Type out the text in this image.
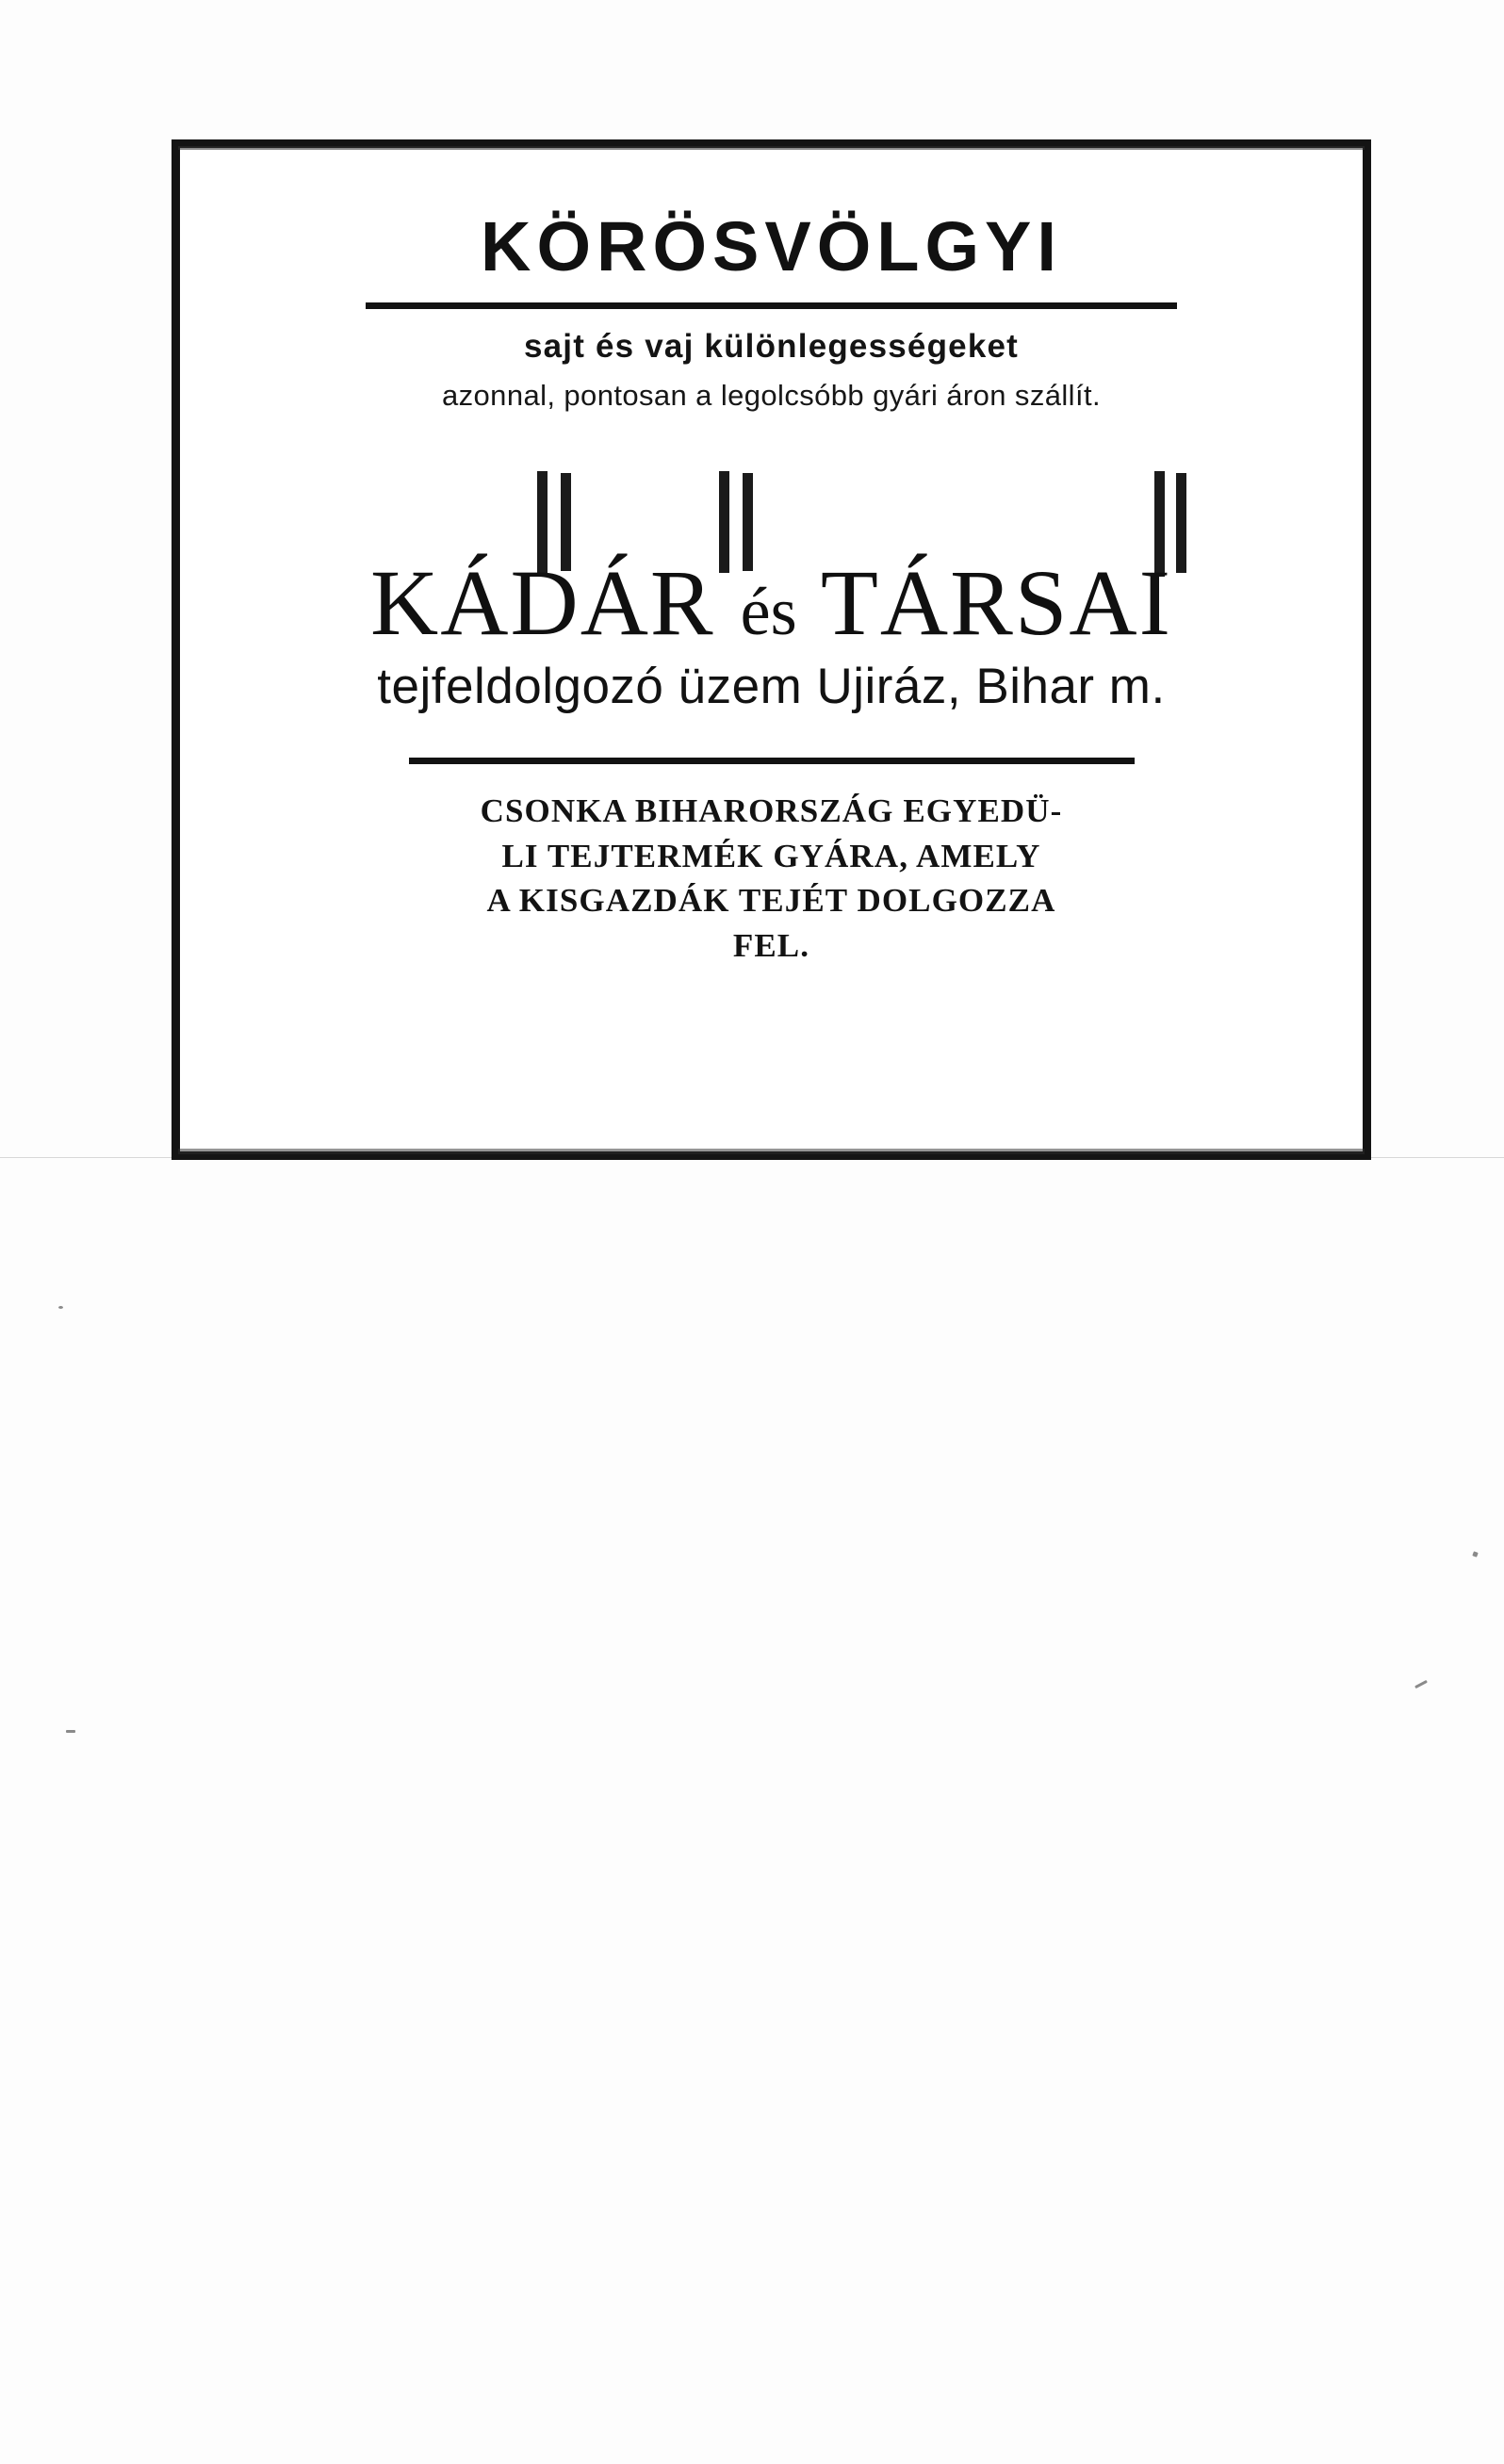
KÖRÖSVÖLGYI
sajt és vaj különlegességeket
azonnal, pontosan a legolcsóbb gyári áron szállít.
KÁDÁR és TÁRSAI
tejfeldolgozó üzem Ujiráz, Bihar m.
CSONKA BIHARORSZÁG EGYEDÜ-
LI TEJTERMÉK GYÁRA, AMELY
A KISGAZDÁK TEJÉT DOLGOZZA
FEL.
